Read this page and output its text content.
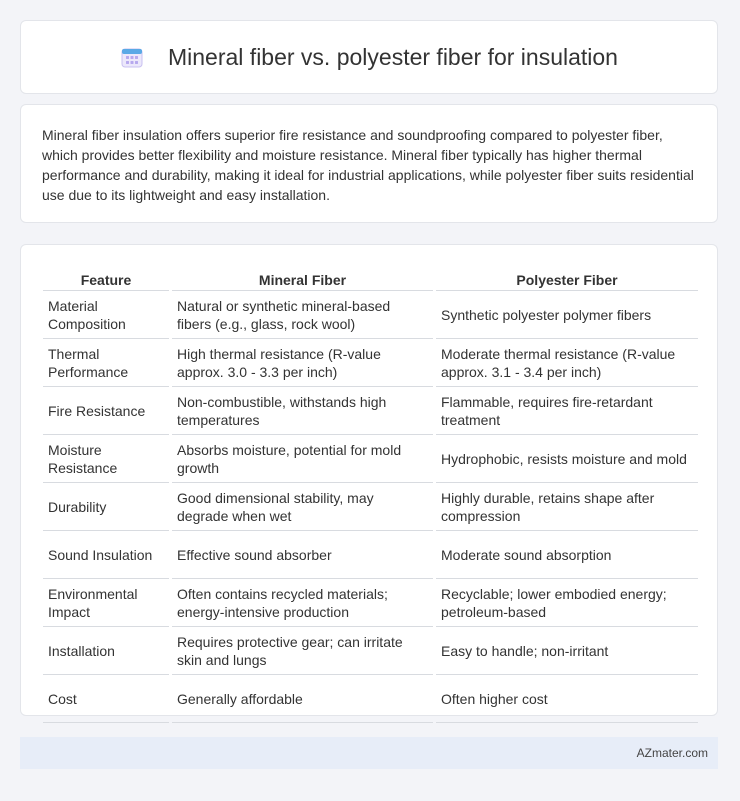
Mineral fiber vs. polyester fiber for insulation

Mineral fiber insulation offers superior fire resistance and soundproofing compared to polyester fiber, which provides better flexibility and moisture resistance. Mineral fiber typically has higher thermal performance and durability, making it ideal for industrial applications, while polyester fiber suits residential use due to its lightweight and easy installation.

Feature	Mineral Fiber	Polyester Fiber
Material Composition	Natural or synthetic mineral-based fibers (e.g., glass, rock wool)	Synthetic polyester polymer fibers
Thermal Performance	High thermal resistance (R-value approx. 3.0 - 3.3 per inch)	Moderate thermal resistance (R-value approx. 3.1 - 3.4 per inch)
Fire Resistance	Non-combustible, withstands high temperatures	Flammable, requires fire-retardant treatment
Moisture Resistance	Absorbs moisture, potential for mold growth	Hydrophobic, resists moisture and mold
Durability	Good dimensional stability, may degrade when wet	Highly durable, retains shape after compression
Sound Insulation	Effective sound absorber	Moderate sound absorption
Environmental Impact	Often contains recycled materials; energy-intensive production	Recyclable; lower embodied energy; petroleum-based
Installation	Requires protective gear; can irritate skin and lungs	Easy to handle; non-irritant
Cost	Generally affordable	Often higher cost
AZmater.com
